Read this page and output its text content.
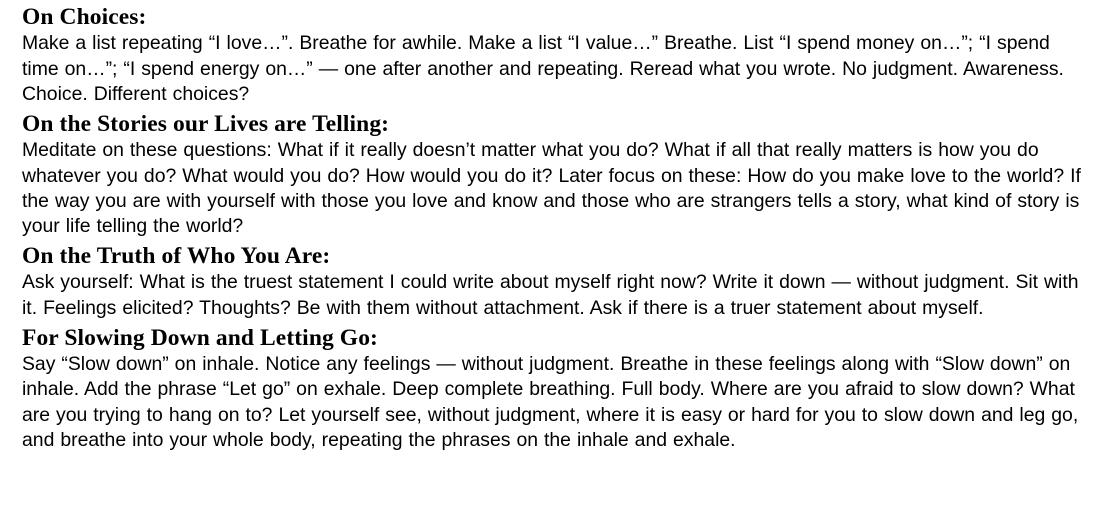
On Choices:
Make a list repeating “I love…”. Breathe for awhile. Make a list “I value…” Breathe. List “I spend money on…”; “I spend time on…”; “I spend energy on…” — one after another and repeating. Reread what you wrote. No judgment. Awareness. Choice. Different choices?
On the Stories our Lives are Telling:
Meditate on these questions: What if it really doesn’t matter what you do? What if all that really matters is how you do whatever you do? What would you do? How would you do it? Later focus on these: How do you make love to the world? If the way you are with yourself with those you love and know and those who are strangers tells a story, what kind of story is your life telling the world?
On the Truth of Who You Are:
Ask yourself: What is the truest statement I could write about myself right now? Write it down — without judgment. Sit with it. Feelings elicited? Thoughts? Be with them without attachment. Ask if there is a truer statement about myself.
For Slowing Down and Letting Go:
Say “Slow down” on inhale. Notice any feelings — without judgment. Breathe in these feelings along with “Slow down” on inhale. Add the phrase “Let go” on exhale. Deep complete breathing. Full body. Where are you afraid to slow down? What are you trying to hang on to? Let yourself see, without judgment, where it is easy or hard for you to slow down and leg go, and breathe into your whole body, repeating the phrases on the inhale and exhale.
